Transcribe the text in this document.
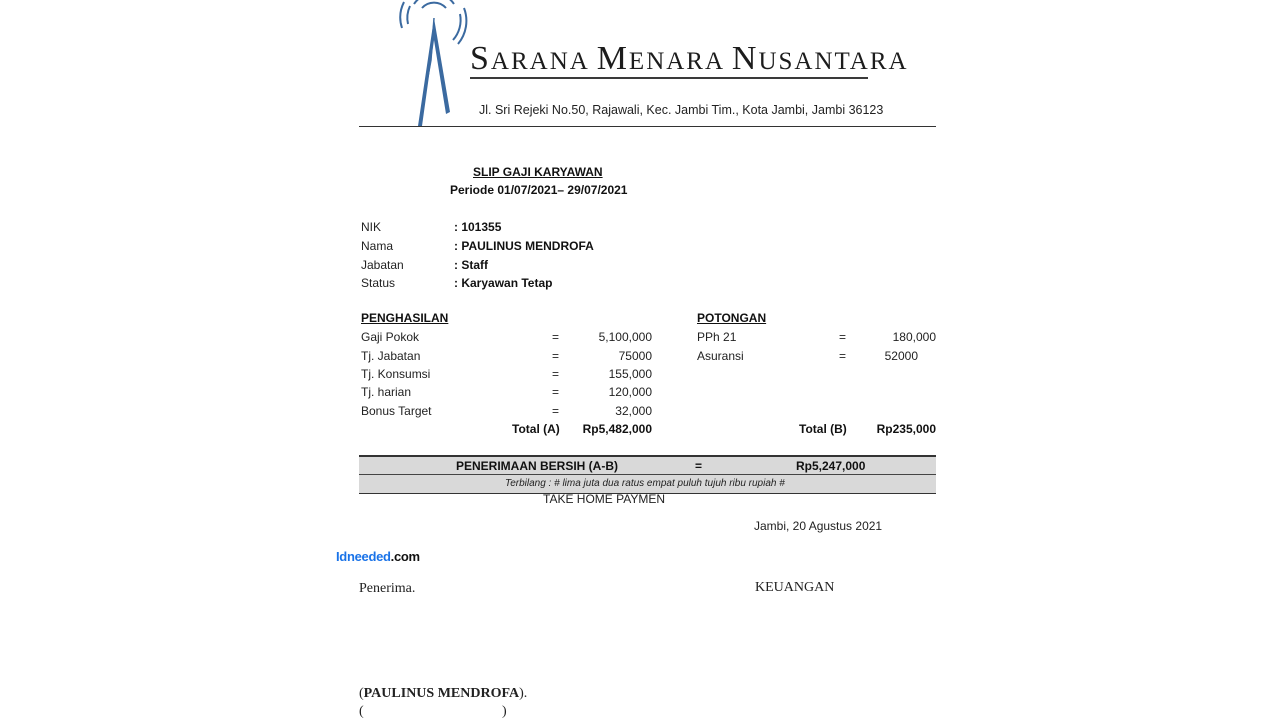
SARANA MENARA NUSANTARA
Jl. Sri Rejeki No.50, Rajawali, Kec. Jambi Tim., Kota Jambi, Jambi 36123
SLIP GAJI KARYAWAN
Periode 01/07/2021– 29/07/2021
NIK	: 101355
Nama	: PAULINUS MENDROFA
Jabatan	: Staff
Status	: Karyawan Tetap
PENGHASILAN
Gaji Pokok	=	5,100,000
Tj. Jabatan	=	75000
Tj. Konsumsi	=	155,000
Tj. harian	=	120,000
Bonus Target	=	32,000
Total (A)	Rp5,482,000
POTONGAN
PPh 21	=	180,000
Asuransi	=	52000
Total (B)	Rp235,000
PENERIMAAN BERSIH (A-B)	=	Rp5,247,000
Terbilang : # lima juta dua ratus empat puluh tujuh ribu rupiah #
TAKE HOME PAYMEN
Jambi, 20 Agustus 2021
Idneeded.com
Penerima.	KEUANGAN
(PAULINUS MENDROFA).
(	)
